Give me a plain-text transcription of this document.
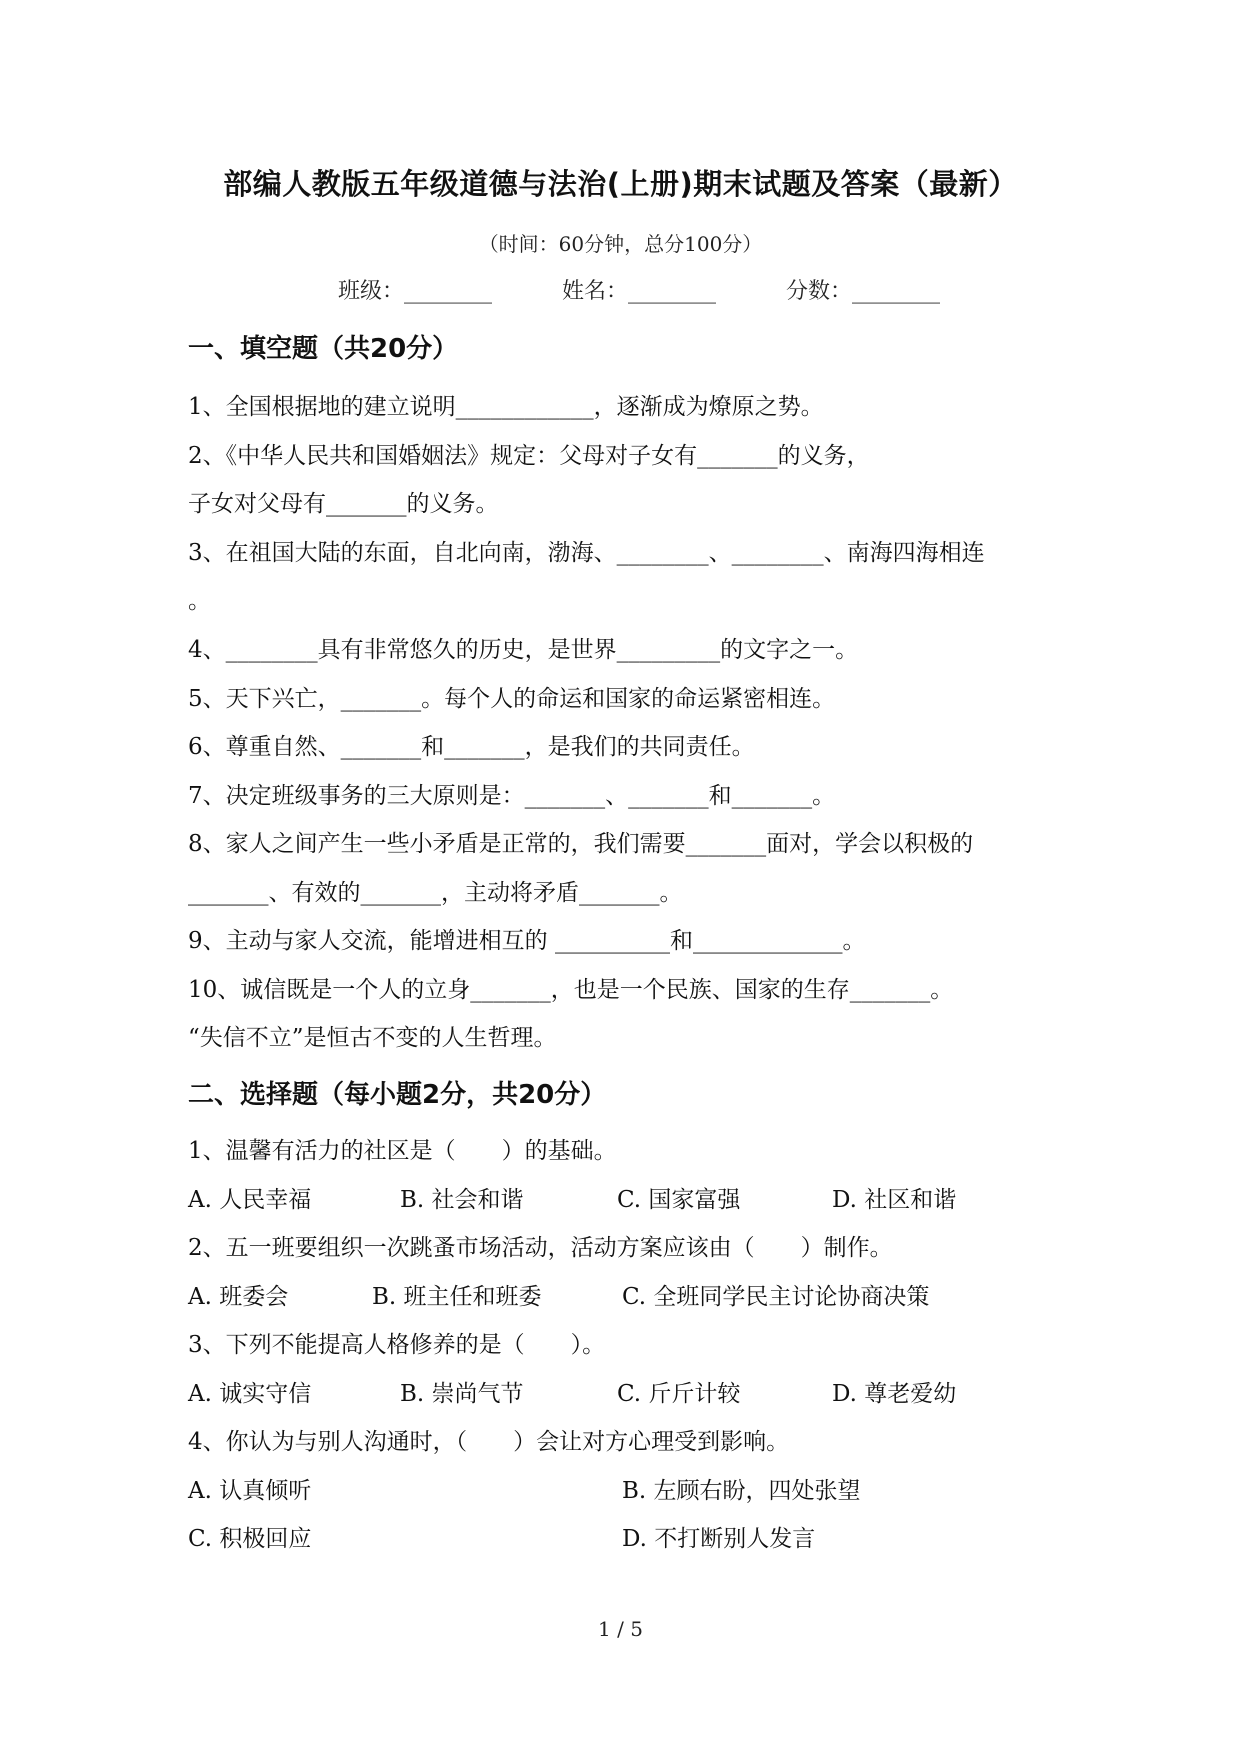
部编人教版五年级道德与法治(上册)期末试题及答案（最新）
（时间：60分钟，总分100分）
班级：________	姓名：________	分数：________
一、填空题（共20分）
1、全国根据地的建立说明____________，逐渐成为燎原之势。
2、《中华人民共和国婚姻法》规定：父母对子女有_______的义务，
子女对父母有_______的义务。
3、在祖国大陆的东面，自北向南，渤海、________、________、南海四海相连
。
4、________具有非常悠久的历史，是世界_________的文字之一。
5、天下兴亡，_______。每个人的命运和国家的命运紧密相连。
6、尊重自然、_______和_______，是我们的共同责任。
7、决定班级事务的三大原则是：_______、_______和_______。
8、家人之间产生一些小矛盾是正常的，我们需要_______面对，学会以积极的
_______、有效的_______，主动将矛盾_______。
9、主动与家人交流，能增进相互的 __________和_____________。
10、诚信既是一个人的立身_______，也是一个民族、国家的生存_______。
“失信不立”是恒古不变的人生哲理。
二、选择题（每小题2分，共20分）
1、温馨有活力的社区是（　　）的基础。
A. 人民幸福	B. 社会和谐	C. 国家富强	D. 社区和谐
2、五一班要组织一次跳蚤市场活动，活动方案应该由（　　）制作。
A. 班委会	B. 班主任和班委	C. 全班同学民主讨论协商决策
3、下列不能提高人格修养的是（　　）。
A. 诚实守信	B. 崇尚气节	C. 斤斤计较	D. 尊老爱幼
4、你认为与别人沟通时，（　　）会让对方心理受到影响。
A. 认真倾听	B. 左顾右盼，四处张望
C. 积极回应	D. 不打断别人发言
1 / 5
